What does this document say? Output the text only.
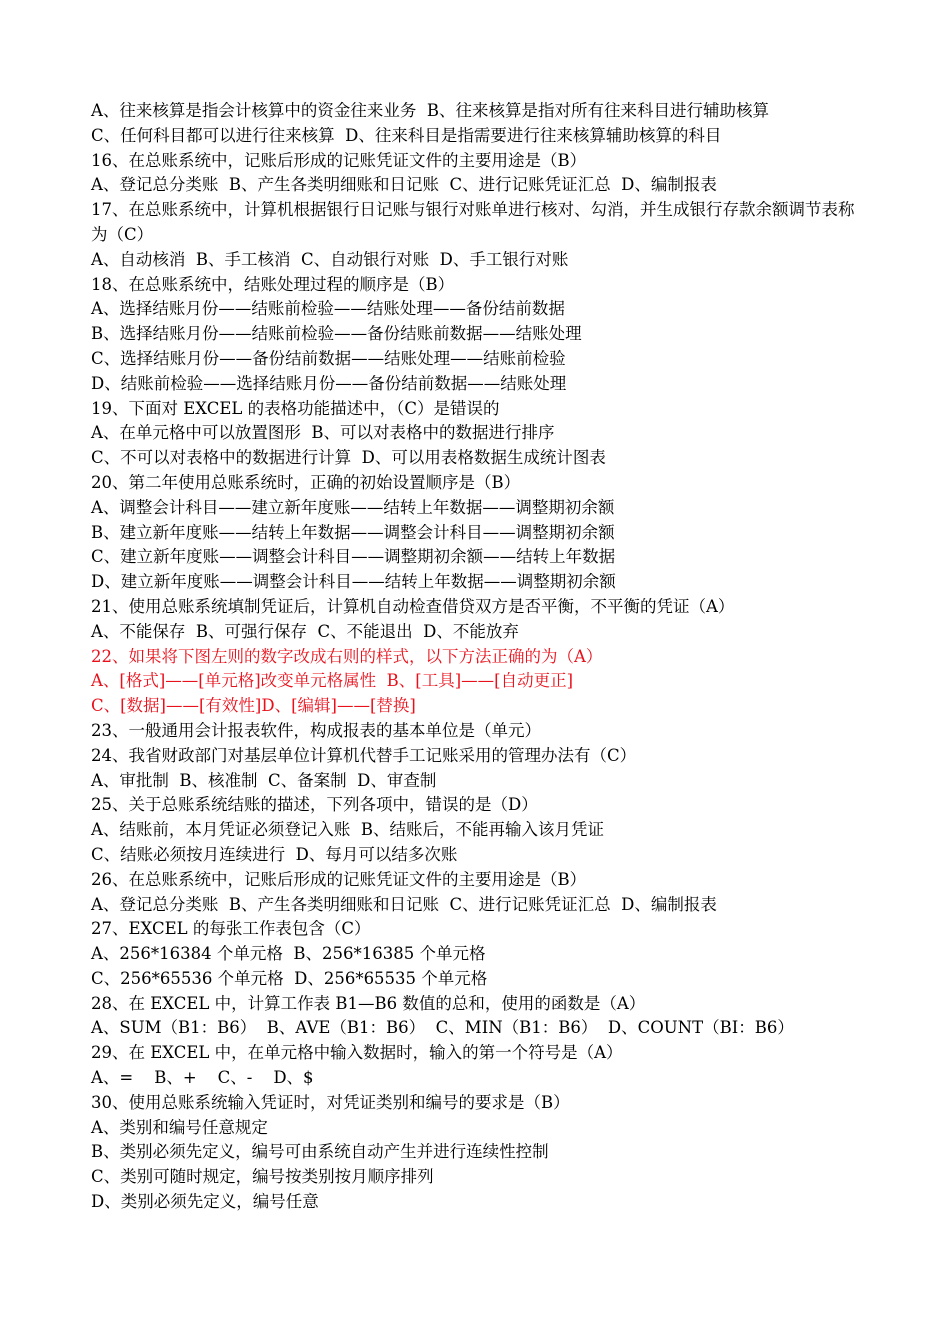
A、往来核算是指会计核算中的资金往来业务  B、往来核算是指对所有往来科目进行辅助核算

C、任何科目都可以进行往来核算  D、往来科目是指需要进行往来核算辅助核算的科目

16、在总账系统中，记账后形成的记账凭证文件的主要用途是（B）

A、登记总分类账  B、产生各类明细账和日记账  C、进行记账凭证汇总  D、编制报表

17、在总账系统中，计算机根据银行日记账与银行对账单进行核对、勾消，并生成银行存款余额调节表称为（C）

A、自动核消  B、手工核消  C、自动银行对账  D、手工银行对账

18、在总账系统中，结账处理过程的顺序是（B）

A、选择结账月份——结账前检验——结账处理——备份结前数据

B、选择结账月份——结账前检验——备份结账前数据——结账处理

C、选择结账月份——备份结前数据——结账处理——结账前检验

D、结账前检验——选择结账月份——备份结前数据——结账处理

19、下面对 EXCEL 的表格功能描述中，（C）是错误的

A、在单元格中可以放置图形  B、可以对表格中的数据进行排序

C、不可以对表格中的数据进行计算  D、可以用表格数据生成统计图表

20、第二年使用总账系统时，正确的初始设置顺序是（B）

A、调整会计科目——建立新年度账——结转上年数据——调整期初余额

B、建立新年度账——结转上年数据——调整会计科目——调整期初余额

C、建立新年度账——调整会计科目——调整期初余额——结转上年数据

D、建立新年度账——调整会计科目——结转上年数据——调整期初余额

21、使用总账系统填制凭证后，计算机自动检查借贷双方是否平衡，不平衡的凭证（A）

A、不能保存  B、可强行保存  C、不能退出  D、不能放弃

22、如果将下图左则的数字改成右则的样式，以下方法正确的为（A）

A、[格式]——[单元格]改变单元格属性  B、[工具]——[自动更正]

C、[数据]——[有效性]D、[编辑]——[替换]

23、一般通用会计报表软件，构成报表的基本单位是（单元）

24、我省财政部门对基层单位计算机代替手工记账采用的管理办法有（C）

A、审批制  B、核准制  C、备案制  D、审查制

25、关于总账系统结账的描述，下列各项中，错误的是（D）

A、结账前，本月凭证必须登记入账  B、结账后，不能再输入该月凭证

C、结账必须按月连续进行  D、每月可以结多次账

26、在总账系统中，记账后形成的记账凭证文件的主要用途是（B）

A、登记总分类账  B、产生各类明细账和日记账  C、进行记账凭证汇总  D、编制报表

27、EXCEL 的每张工作表包含（C）

A、256*16384 个单元格  B、256*16385 个单元格

C、256*65536 个单元格  D、256*65535 个单元格

28、在 EXCEL 中，计算工作表 B1—B6 数值的总和，使用的函数是（A）

A、SUM（B1：B6）  B、AVE（B1：B6）  C、MIN（B1：B6）  D、COUNT（BI：B6）

29、在 EXCEL 中，在单元格中输入数据时，输入的第一个符号是（A）

A、=    B、+    C、-    D、$

30、使用总账系统输入凭证时，对凭证类别和编号的要求是（B）

A、类别和编号任意规定

B、类别必须先定义，编号可由系统自动产生并进行连续性控制

C、类别可随时规定，编号按类别按月顺序排列

D、类别必须先定义，编号任意
